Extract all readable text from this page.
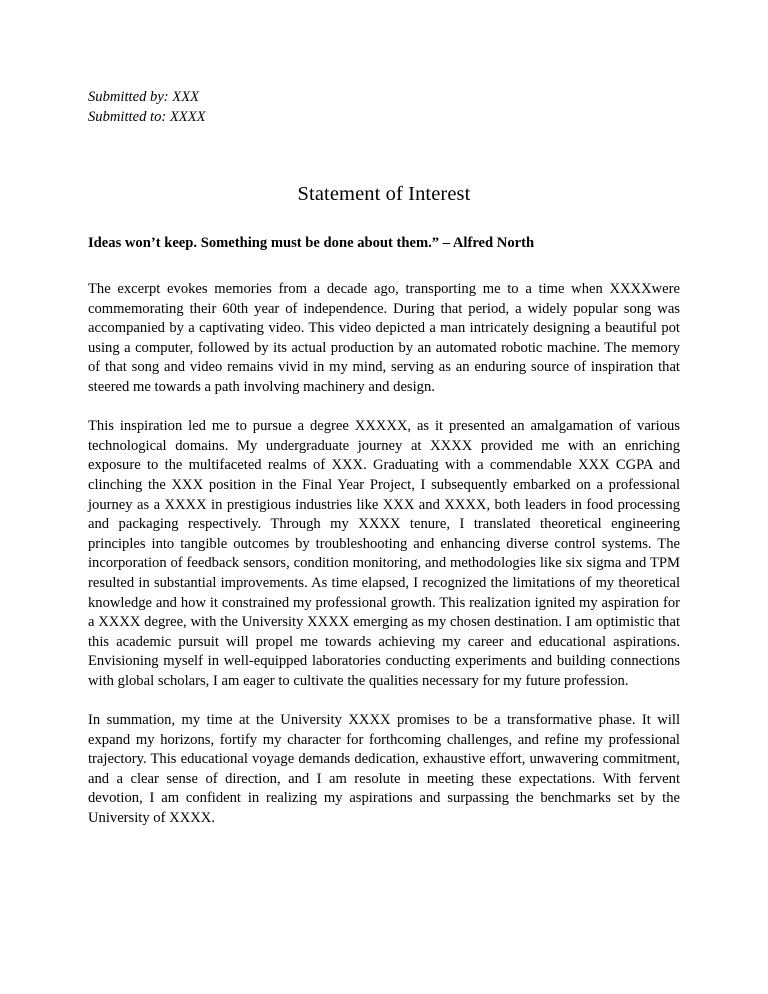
Submitted by: XXX
Submitted to: XXXX
Statement of Interest
Ideas won’t keep. Something must be done about them.” – Alfred North

The excerpt evokes memories from a decade ago, transporting me to a time when XXXXwere commemorating their 60th year of independence. During that period, a widely popular song was accompanied by a captivating video. This video depicted a man intricately designing a beautiful pot using a computer, followed by its actual production by an automated robotic machine. The memory of that song and video remains vivid in my mind, serving as an enduring source of inspiration that steered me towards a path involving machinery and design.

This inspiration led me to pursue a degree XXXXX, as it presented an amalgamation of various technological domains. My undergraduate journey at XXXX provided me with an enriching exposure to the multifaceted realms of XXX. Graduating with a commendable XXX CGPA and clinching the XXX position in the Final Year Project, I subsequently embarked on a professional journey as a XXXX in prestigious industries like XXX and XXXX, both leaders in food processing and packaging respectively. Through my XXXX tenure, I translated theoretical engineering principles into tangible outcomes by troubleshooting and enhancing diverse control systems. The incorporation of feedback sensors, condition monitoring, and methodologies like six sigma and TPM resulted in substantial improvements. As time elapsed, I recognized the limitations of my theoretical knowledge and how it constrained my professional growth. This realization ignited my aspiration for a XXXX degree, with the University XXXX emerging as my chosen destination. I am optimistic that this academic pursuit will propel me towards achieving my career and educational aspirations. Envisioning myself in well-equipped laboratories conducting experiments and building connections with global scholars, I am eager to cultivate the qualities necessary for my future profession.

In summation, my time at the University XXXX promises to be a transformative phase. It will expand my horizons, fortify my character for forthcoming challenges, and refine my professional trajectory. This educational voyage demands dedication, exhaustive effort, unwavering commitment, and a clear sense of direction, and I am resolute in meeting these expectations. With fervent devotion, I am confident in realizing my aspirations and surpassing the benchmarks set by the University of XXXX.
